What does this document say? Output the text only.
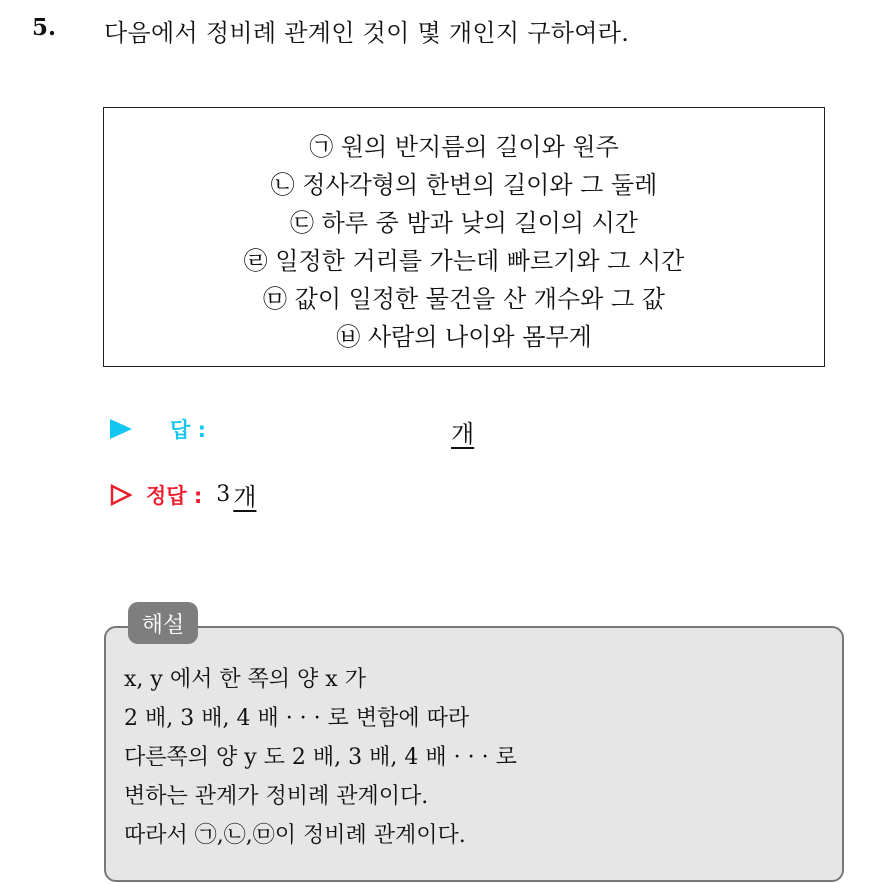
5. 다음에서 정비례 관계인 것이 몇 개인지 구하여라.
㉠ 원의 반지름의 길이와 원주
㉡ 정사각형의 한변의 길이와 그 둘레
㉢ 하루 중 밤과 낮의 길이의 시간
㉣ 일정한 거리를 가는데 빠르기와 그 시간
㉤ 값이 일정한 물건을 산 개수와 그 값
㉥ 사람의 나이와 몸무게
답 :	개
정답 : 3 개
해설
x, y 에서 한 쪽의 양 x 가
2 배, 3 배, 4 배 · · · 로 변함에 따라
다른쪽의 양 y 도 2 배, 3 배, 4 배 · · · 로
변하는 관계가 정비례 관계이다.
따라서 ㉠,㉡,㉤이 정비례 관계이다.
